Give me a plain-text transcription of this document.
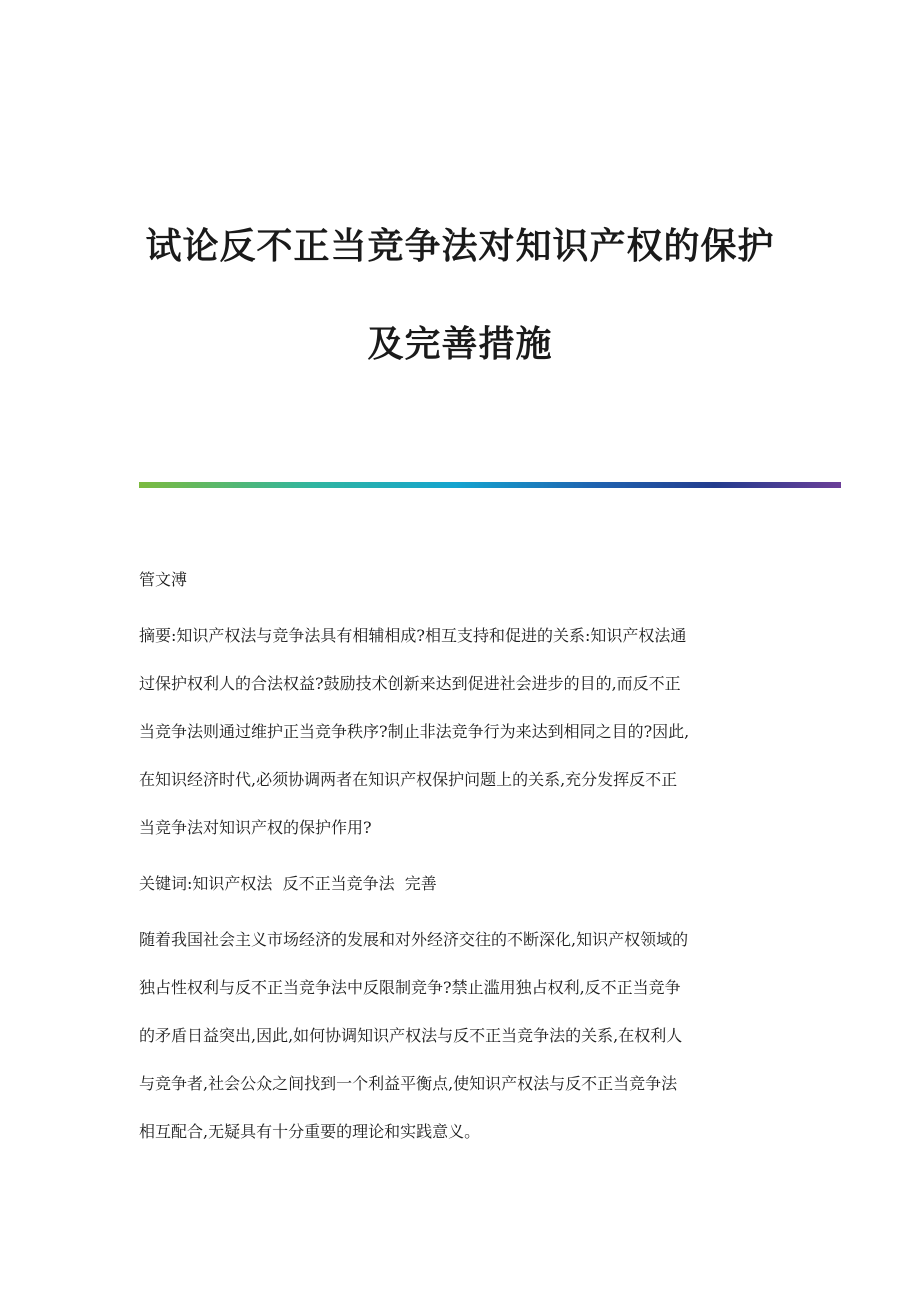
试论反不正当竞争法对知识产权的保护
及完善措施

管文溥

摘要:知识产权法与竞争法具有相辅相成?相互支持和促进的关系:知识产权法通
过保护权利人的合法权益?鼓励技术创新来达到促进社会进步的目的,而反不正
当竞争法则通过维护正当竞争秩序?制止非法竞争行为来达到相同之目的?因此,
在知识经济时代,必须协调两者在知识产权保护问题上的关系,充分发挥反不正
当竞争法对知识产权的保护作用?

关键词:知识产权法  反不正当竞争法  完善

随着我国社会主义市场经济的发展和对外经济交往的不断深化,知识产权领域的
独占性权利与反不正当竞争法中反限制竞争?禁止滥用独占权利,反不正当竞争
的矛盾日益突出,因此,如何协调知识产权法与反不正当竞争法的关系,在权利人
与竞争者,社会公众之间找到一个利益平衡点,使知识产权法与反不正当竞争法
相互配合,无疑具有十分重要的理论和实践意义。
